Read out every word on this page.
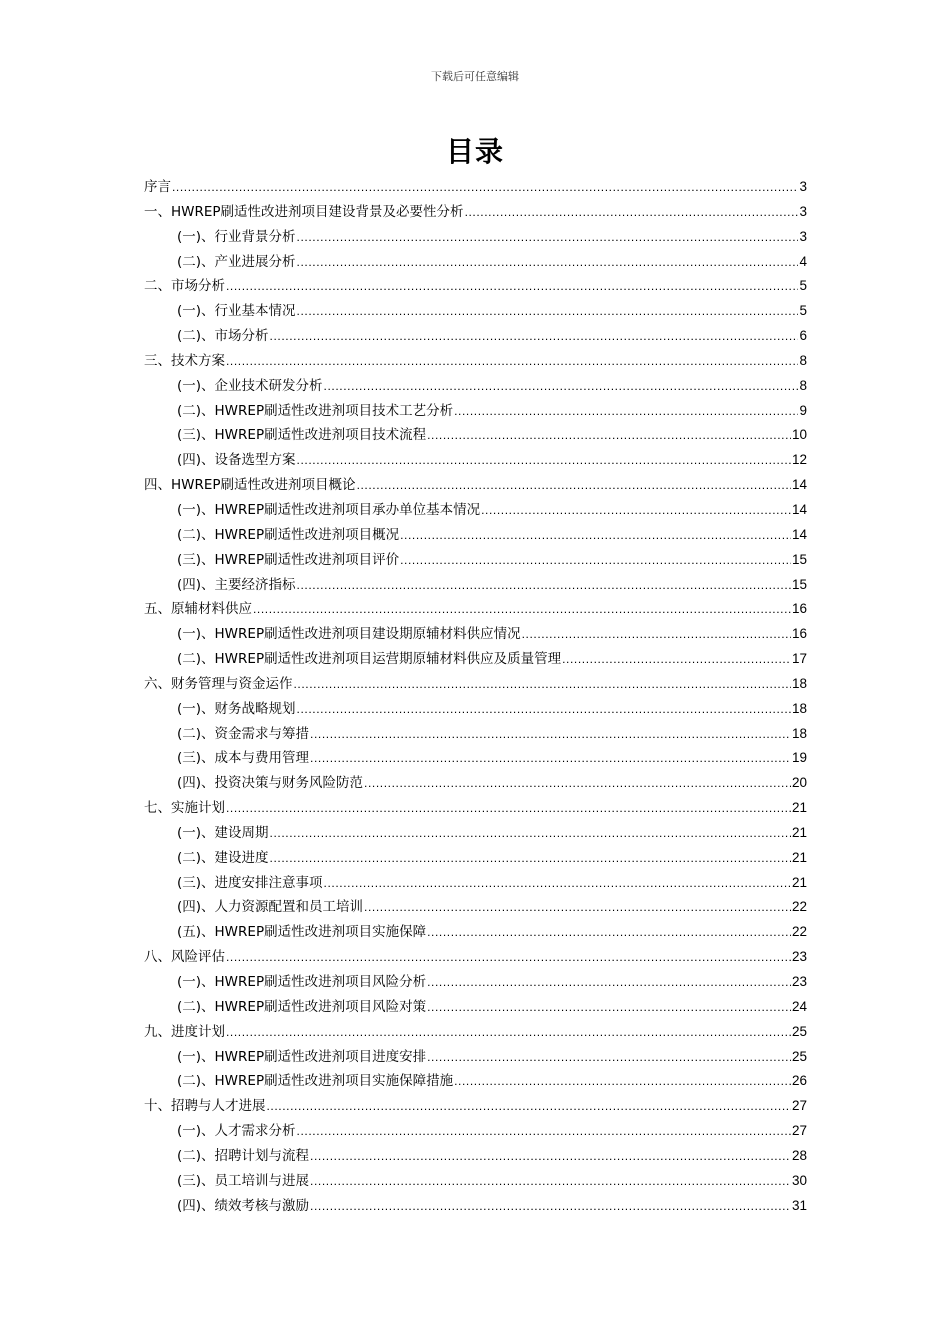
下载后可任意编辑
目录
序言 .....	3
一、HWREP刷适性改进剂项目建设背景及必要性分析 .....	3
(一)、行业背景分析 .....	3
(二)、产业进展分析 .....	4
二、市场分析 .....	5
(一)、行业基本情况 .....	5
(二)、市场分析 .....	6
三、技术方案 .....	8
(一)、企业技术研发分析 .....	8
(二)、HWREP刷适性改进剂项目技术工艺分析 .....	9
(三)、HWREP刷适性改进剂项目技术流程 .....	10
(四)、设备选型方案 .....	12
四、HWREP刷适性改进剂项目概论 .....	14
(一)、HWREP刷适性改进剂项目承办单位基本情况 .....	14
(二)、HWREP刷适性改进剂项目概况 .....	14
(三)、HWREP刷适性改进剂项目评价 .....	15
(四)、主要经济指标 .....	15
五、原辅材料供应 .....	16
(一)、HWREP刷适性改进剂项目建设期原辅材料供应情况 .....	16
(二)、HWREP刷适性改进剂项目运营期原辅材料供应及质量管理 .....	17
六、财务管理与资金运作 .....	18
(一)、财务战略规划 .....	18
(二)、资金需求与筹措 .....	18
(三)、成本与费用管理 .....	19
(四)、投资决策与财务风险防范 .....	20
七、实施计划 .....	21
(一)、建设周期 .....	21
(二)、建设进度 .....	21
(三)、进度安排注意事项 .....	21
(四)、人力资源配置和员工培训 .....	22
(五)、HWREP刷适性改进剂项目实施保障 .....	22
八、风险评估 .....	23
(一)、HWREP刷适性改进剂项目风险分析 .....	23
(二)、HWREP刷适性改进剂项目风险对策 .....	24
九、进度计划 .....	25
(一)、HWREP刷适性改进剂项目进度安排 .....	25
(二)、HWREP刷适性改进剂项目实施保障措施 .....	26
十、招聘与人才进展 .....	27
(一)、人才需求分析 .....	27
(二)、招聘计划与流程 .....	28
(三)、员工培训与进展 .....	30
(四)、绩效考核与激励 .....	31
